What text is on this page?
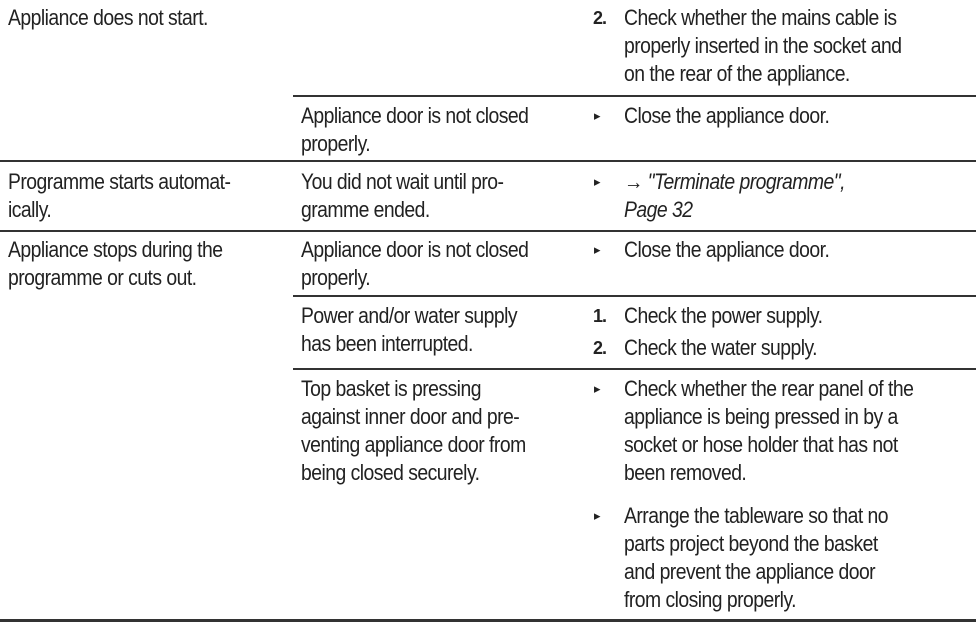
Appliance does not start.	2. Check whether the mains cable is
properly inserted in the socket and
on the rear of the appliance.
Appliance door is not closed
properly.
▸ Close the appliance door.
Programme starts automat-
ically.
You did not wait until pro-
gramme ended.
▸ → "Terminate programme",
Page 32
Appliance stops during the
programme or cuts out.
Appliance door is not closed
properly.
▸ Close the appliance door.
Power and/or water supply
has been interrupted.
1. Check the power supply.
2. Check the water supply.
Top basket is pressing
against inner door and pre-
venting appliance door from
being closed securely.
▸ Check whether the rear panel of the
appliance is being pressed in by a
socket or hose holder that has not
been removed.
▸ Arrange the tableware so that no
parts project beyond the basket
and prevent the appliance door
from closing properly.
